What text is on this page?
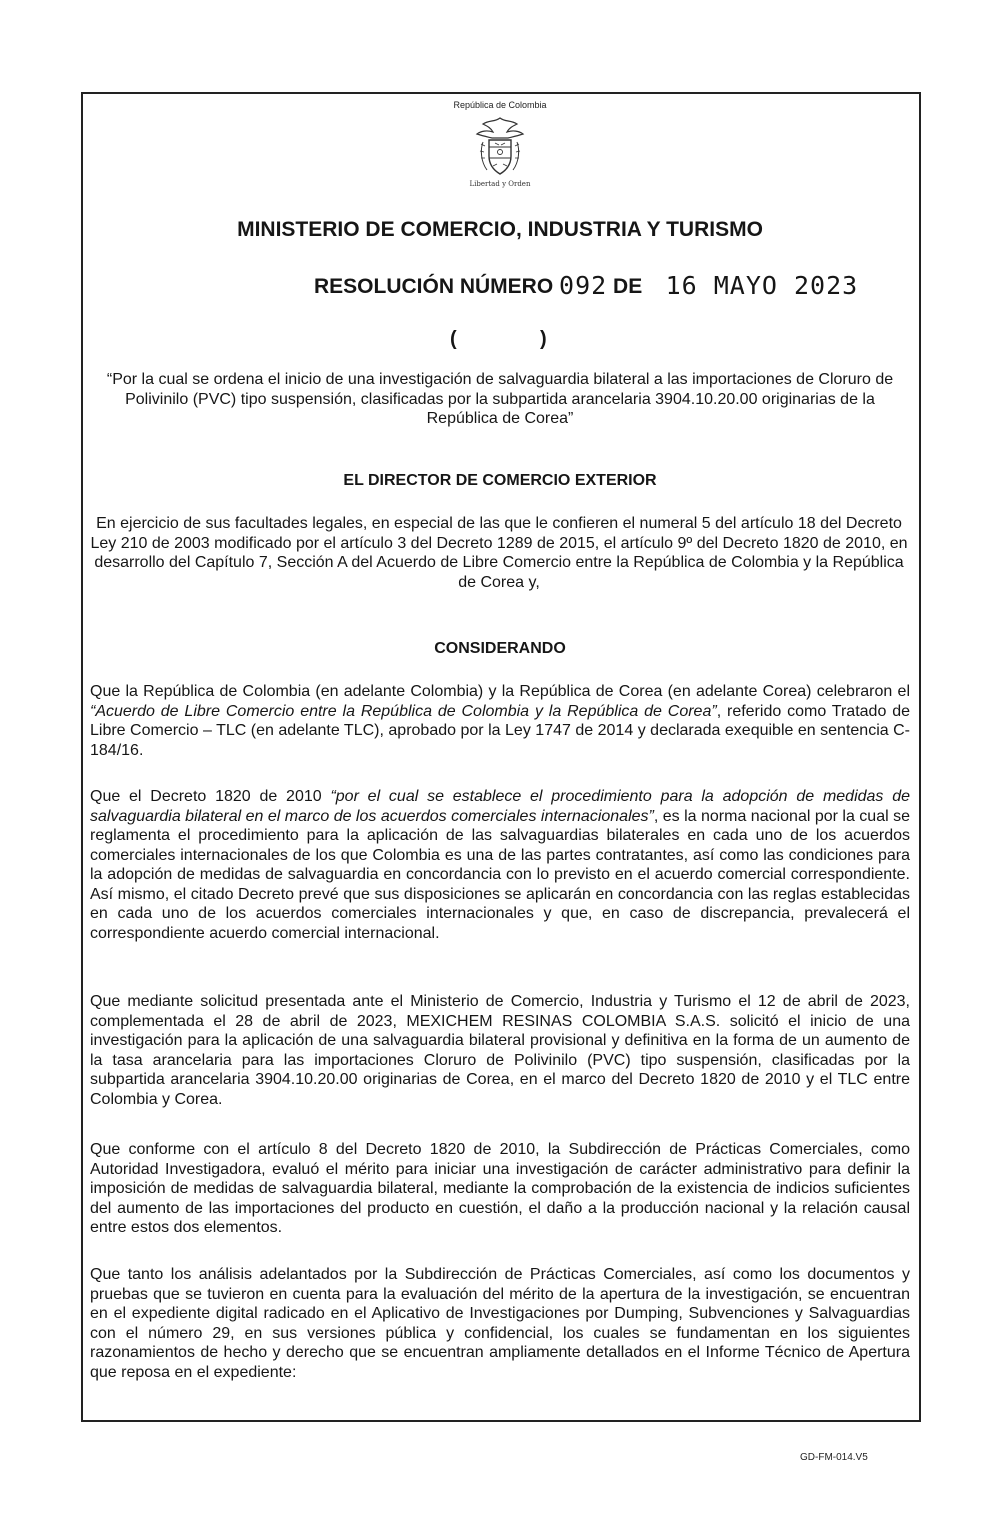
República de Colombia
Libertad y Orden
MINISTERIO DE COMERCIO, INDUSTRIA Y TURISMO
RESOLUCIÓN NÚMERO 092 DE 16 MAYO 2023
(	)
“Por la cual se ordena el inicio de una investigación de salvaguardia bilateral a las importaciones de Cloruro de Polivinilo (PVC) tipo suspensión, clasificadas por la subpartida arancelaria 3904.10.20.00 originarias de la República de Corea”
EL DIRECTOR DE COMERCIO EXTERIOR
En ejercicio de sus facultades legales, en especial de las que le confieren el numeral 5 del artículo 18 del Decreto Ley 210 de 2003 modificado por el artículo 3 del Decreto 1289 de 2015, el artículo 9º del Decreto 1820 de 2010, en desarrollo del Capítulo 7, Sección A del Acuerdo de Libre Comercio entre la República de Colombia y la República de Corea y,
CONSIDERANDO
Que la República de Colombia (en adelante Colombia) y la República de Corea (en adelante Corea) celebraron el “Acuerdo de Libre Comercio entre la República de Colombia y la República de Corea”, referido como Tratado de Libre Comercio – TLC (en adelante TLC), aprobado por la Ley 1747 de 2014 y declarada exequible en sentencia C-184/16.
Que el Decreto 1820 de 2010 “por el cual se establece el procedimiento para la adopción de medidas de salvaguardia bilateral en el marco de los acuerdos comerciales internacionales”, es la norma nacional por la cual se reglamenta el procedimiento para la aplicación de las salvaguardias bilaterales en cada uno de los acuerdos comerciales internacionales de los que Colombia es una de las partes contratantes, así como las condiciones para la adopción de medidas de salvaguardia en concordancia con lo previsto en el acuerdo comercial correspondiente. Así mismo, el citado Decreto prevé que sus disposiciones se aplicarán en concordancia con las reglas establecidas en cada uno de los acuerdos comerciales internacionales y que, en caso de discrepancia, prevalecerá el correspondiente acuerdo comercial internacional.
Que mediante solicitud presentada ante el Ministerio de Comercio, Industria y Turismo el 12 de abril de 2023, complementada el 28 de abril de 2023, MEXICHEM RESINAS COLOMBIA S.A.S. solicitó el inicio de una investigación para la aplicación de una salvaguardia bilateral provisional y definitiva en la forma de un aumento de la tasa arancelaria para las importaciones Cloruro de Polivinilo (PVC) tipo suspensión, clasificadas por la subpartida arancelaria 3904.10.20.00 originarias de Corea, en el marco del Decreto 1820 de 2010 y el TLC entre Colombia y Corea.
Que conforme con el artículo 8 del Decreto 1820 de 2010, la Subdirección de Prácticas Comerciales, como Autoridad Investigadora, evaluó el mérito para iniciar una investigación de carácter administrativo para definir la imposición de medidas de salvaguardia bilateral, mediante la comprobación de la existencia de indicios suficientes del aumento de las importaciones del producto en cuestión, el daño a la producción nacional y la relación causal entre estos dos elementos.
Que tanto los análisis adelantados por la Subdirección de Prácticas Comerciales, así como los documentos y pruebas que se tuvieron en cuenta para la evaluación del mérito de la apertura de la investigación, se encuentran en el expediente digital radicado en el Aplicativo de Investigaciones por Dumping, Subvenciones y Salvaguardias con el número 29, en sus versiones pública y confidencial, los cuales se fundamentan en los siguientes razonamientos de hecho y derecho que se encuentran ampliamente detallados en el Informe Técnico de Apertura que reposa en el expediente:
GD-FM-014.V5
